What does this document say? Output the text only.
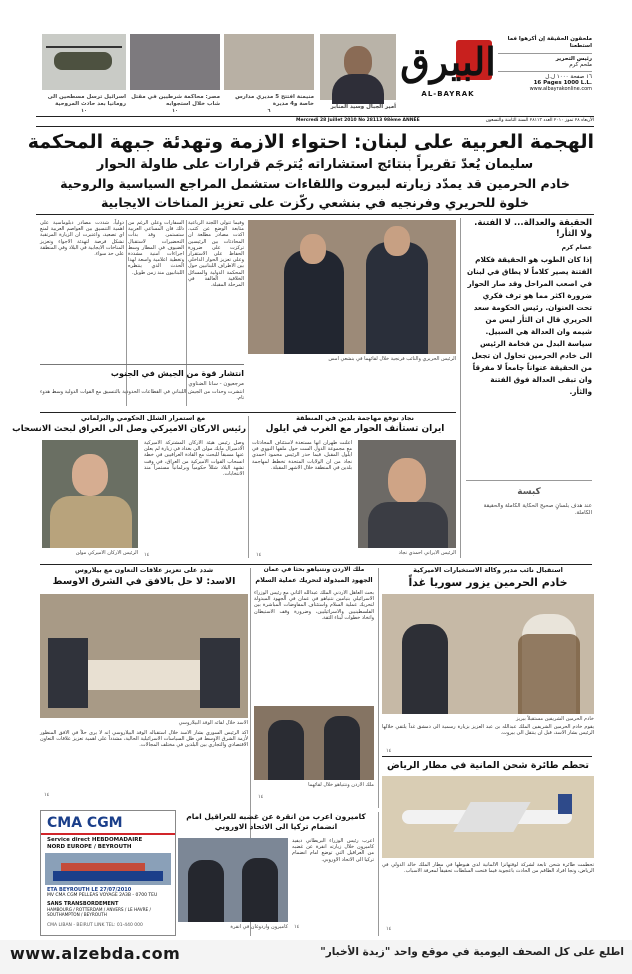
ملحقون الحقيقة إن أكرهوا فما استطعنا
رئيس التحرير
ملحم كرم
١٦ صفحة ١٠٠٠ ل.ل
16 Pages 1000 L.L.
www.albayrakonline.com
البيرق
AL-BAYRAK
أمير الجبال وسيد المنابر
منيمنة افتتح 5 مديري مدارس خاصة و4 مديرة
٦
مصر: محاكمة شرطيين في مقتل شاب خلال استجوابه
١٠
اسرائيل ترسل مسطحين الى رومانيا بعد حادث المروحية
١٠
Mercredi 28 Juillet 2010 No 28113 98ème ANNÉE	الأربعاء ٢٨ تموز ٢٠١٠ العدد ٢٨١١٣ السنة الثامنة والتسعون
الهجمة العربية على لبنان: احتواء الازمة وتهدئة جبهة المحكمة
سليمان يُعدّ تقريراً بنتائج استشاراته يُترجَم قرارات على طاولة الحوار
خادم الحرمين قد يمدّد زيارته لبيروت واللقاءات ستشمل المراجع السياسية والروحية
خلوة للحريري وفرنجيه في بنشعي ركّزت على تعزيز المناخات الايجابية
الحقيقة والعدالة... لا الفتنة. ولا الثأر!
عصام كرم
إذا كان الطوب هو الحقيقة فكلام الفتنة يصير كلاماً لا يطاق في لبنان في اصعب المراحل وقد صار الحوار ضرورة اكثر مما هو ترف فكري تحت العنوان. رئيس الحكومة سعد الحريري قال ان الثأر ليس من شيمه وان العدالة هي السبيل. سياسة البدل من فخامة الرئيس الى خادم الحرمين تحاول ان تجعل من الحقيقة عنواناً جامعاً لا مفرقاً وان تبقى العدالة فوق الفتنة والثأر.
كبسة
عند هدف بلسانٍ صحيح الحكاية الكاملة والحقيقة الكاملة.
الرئيس الحريري والنائب فرنجية خلال لقائهما في بنشعي امس
وفيما تتولى اللجنة الرباعية متابعة الوضع عن كثب، اكدت مصادر مطلعة ان المحادثات بين الرئيسين تركزت على ضرورة الحفاظ على الاستقرار وعلى تعزيز الحوار الداخلي بين الاطراف اللبنانيين حول المحكمة الدولية والمسائل الخلافية العالقة في المرحلة المقبلة.
السفارات وعلى الرغم من ذلك فان المساعي العربية ستستمر، وقد بدأت التحضيرات لاستقبال الضيوف في المطار وسط اجراءات امنية مشددة وتغطية اعلامية واسعة لهذا الحدث الذي ينتظره اللبنانيون منذ زمن طويل.
دولياً، شددت مصادر دبلوماسية على اهمية التنسيق بين العواصم العربية لمنع اي تصعيد، واعتبرت ان الزيارة المرتقبة تشكل فرصة لتهدئة الاجواء وتعزيز المناخات الايجابية في البلاد وفي المنطقة على حد سواء.
انتشار قوة من الجيش في الجنوب
مرجعيون - سانا الضناوي
انتشرت وحدات من الجيش اللبناني في القطاعات الحدودية بالتنسيق مع القوات الدولية وسط هدوء تام.
مع استمرار الشلل الحكومي والبرلماني
رئيس الاركان الاميركي وصل الى العراق لبحث الانسحاب
الرئيس الاركان الاميركي مولن
وصل رئيس هيئة الاركان المشتركة الاميركية الادميرال مايك مولن الى بغداد في زيارة لم يعلن عنها مسبقاً للبحث مع القادة العراقيين في خطة انسحاب القوات الاميركية من العراق، في وقت تشهد البلاد شللاً حكومياً وبرلمانياً مستمراً منذ الانتخابات.
١٤
نجاد توقع مهاجمة بلدين في المنطقة
ايران تستأنف الحوار مع الغرب في ايلول
الرئيس الايراني احمدي نجاد
اعلنت طهران انها مستعدة لاستئناف المحادثات مع مجموعة الدول الست حول ملفها النووي في ايلول المقبل، فيما حذر الرئيس محمود احمدي نجاد من ان الولايات المتحدة تخطط لمهاجمة بلدين في المنطقة خلال الاشهر المقبلة.
١٤
شدد على تعزيز علاقات التعاون مع بيلاروس
الاسد: لا حل بالافق في الشرق الاوسط
الاسد خلال لقائه الوفد البيلاروسي
اكد الرئيس السوري بشار الاسد خلال استقباله الوفد البيلاروسي انه لا يرى حلاً في الافق المنظور لأزمة الشرق الاوسط في ظل السياسات الاسرائيلية الحالية، مشدداً على اهمية تعزيز علاقات التعاون الاقتصادي والتجاري بين البلدين في مختلف المجالات.
١٤
ملك الاردن ونتنياهو بحثا في عمان
الجهود المبذولة لتحريك عملية السلام
بحث العاهل الاردني الملك عبدالله الثاني مع رئيس الوزراء الاسرائيلي بنيامين نتنياهو في عمان في الجهود المبذولة لتحريك عملية السلام واستئناف المفاوضات المباشرة بين الفلسطينيين والاسرائيليين، وضرورة وقف الاستيطان واتخاذ خطوات لبناء الثقة.
ملك الاردن ونتنياهو خلال لقائهما
١٤
استقبال نائب مدير وكالة الاستخبارات الاميركية
خادم الحرمين يزور سوريا غداً
خادم الحرمين الشريفين مستقبلاً بيريز
يقوم خادم الحرمين الشريفين الملك عبدالله بن عبد العزيز بزيارة رسمية الى دمشق غداً يلتقي خلالها الرئيس بشار الاسد، قبل ان ينتقل الى بيروت.
١٤
تحطم طائرة شحن المانية في مطار الرياض
تحطمت طائرة شحن تابعة لشركة لوفتهانزا الالمانية لدى هبوطها في مطار الملك خالد الدولي في الرياض، ونجا افراد الطاقم من الحادث باعجوبة فيما فتحت السلطات تحقيقاً لمعرفة الاسباب.
١٤
كاميرون اعرب من انقرة عن غضبه للعراقيل امام انضمام تركيا الى الاتحاد الاوروبي
كاميرون واردوغان في انقرة
اعرب رئيس الوزراء البريطاني ديفيد كاميرون خلال زيارته انقرة عن غضبه من العراقيل التي توضع امام انضمام تركيا الى الاتحاد الاوروبي.
١٤
CMA CGM
Service direct HEBDOMADAIRE
NORD EUROPE / BEYROUTH
ETA BEYROUTH LE 27/07/2010
MV CMA CGM PELLEAS VOYAGE 2A3B - 0700 TEU
SANS TRANSBORDEMENT
HAMBOURG / ROTTERDAM / ANVERS / LE HAVRE / SOUTHAMPTON / BEYROUTH
CMA LIBAN - BEIRUT LINK TEL: 01-440 000
www.alzebda.com	اطلع على كل الصحف اليومية في موقع واحد "زبدة الأخبار"
